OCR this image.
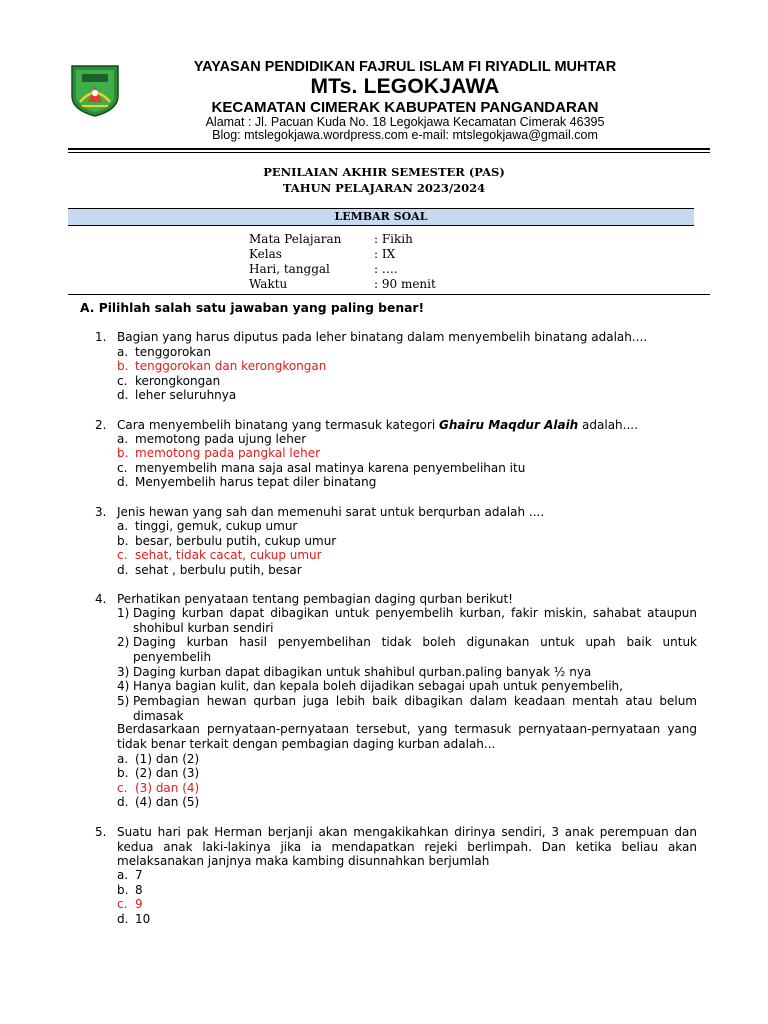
YAYASAN PENDIDIKAN FAJRUL ISLAM FI RIYADLIL MUHTAR
MTs. LEGOKJAWA
KECAMATAN CIMERAK KABUPATEN PANGANDARAN
Alamat : Jl. Pacuan Kuda No. 18 Legokjawa Kecamatan Cimerak 46395
Blog: mtslegokjawa.wordpress.com e-mail: mtslegokjawa@gmail.com
PENILAIAN AKHIR SEMESTER (PAS)
TAHUN PELAJARAN 2023/2024
LEMBAR SOAL
Mata Pelajaran	: Fikih
Kelas	: IX
Hari, tanggal	: ….
Waktu	: 90 menit
A. Pilihlah salah satu jawaban yang paling benar!
1. Bagian yang harus diputus pada leher binatang dalam menyembelih binatang adalah....
a. tenggorokan
b. tenggorokan dan kerongkongan
c. kerongkongan
d. leher seluruhnya
2. Cara menyembelih binatang yang termasuk kategori Ghairu Maqdur Alaih adalah....
a. memotong pada ujung leher
b. memotong pada pangkal leher
c. menyembelih mana saja asal matinya karena penyembelihan itu
d. Menyembelih harus tepat diler binatang
3. Jenis hewan yang sah dan memenuhi sarat untuk berqurban adalah ....
a. tinggi, gemuk, cukup umur
b. besar, berbulu putih, cukup umur
c. sehat, tidak cacat, cukup umur
d. sehat , berbulu putih, besar
4. Perhatikan penyataan tentang pembagian daging qurban berikut!
1) Daging kurban dapat dibagikan untuk penyembelih kurban, fakir miskin, sahabat ataupun shohibul kurban sendiri
2) Daging kurban hasil penyembelihan tidak boleh digunakan untuk upah baik untuk penyembelih
3) Daging kurban dapat dibagikan untuk shahibul qurban.paling banyak ½ nya
4) Hanya bagian kulit, dan kepala boleh dijadikan sebagai upah untuk penyembelih,
5) Pembagian hewan qurban juga lebih baik dibagikan dalam keadaan mentah atau belum dimasak
Berdasarkaan pernyataan-pernyataan tersebut, yang termasuk pernyataan-pernyataan yang tidak benar terkait dengan pembagian daging kurban adalah...
a. (1) dan (2)
b. (2) dan (3)
c. (3) dan (4)
d. (4) dan (5)
5. Suatu hari pak Herman berjanji akan mengakikahkan dirinya sendiri, 3 anak perempuan dan kedua anak laki-lakinya jika ia mendapatkan rejeki berlimpah. Dan ketika beliau akan melaksanakan janjnya maka kambing disunnahkan berjumlah
a. 7
b. 8
c. 9
d. 10
